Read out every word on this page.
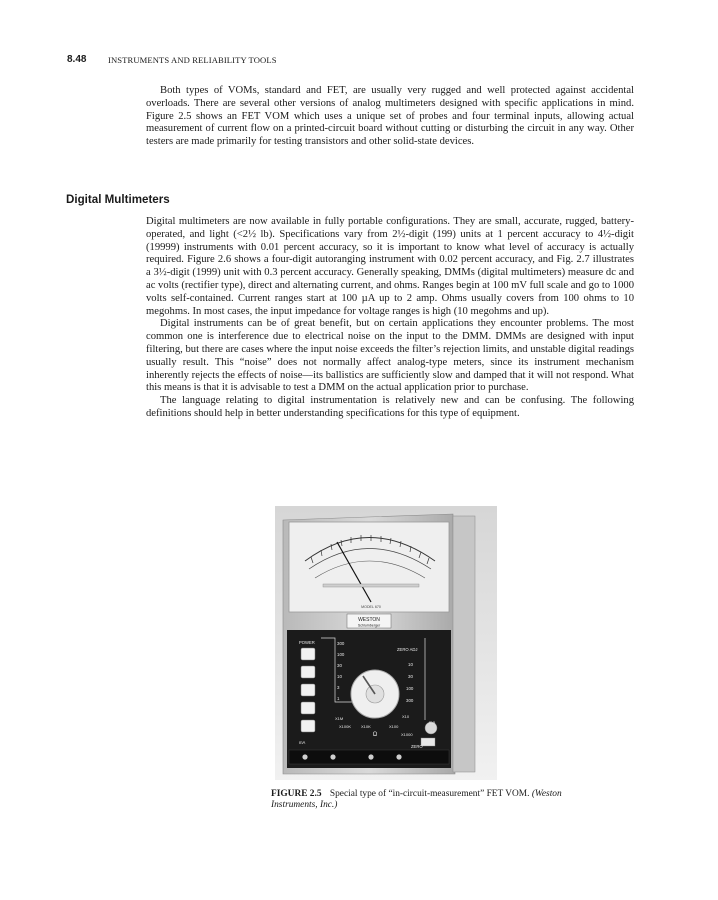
8.48	INSTRUMENTS AND RELIABILITY TOOLS

Both types of VOMs, standard and FET, are usually very rugged and well protected against accidental overloads. There are several other versions of analog multimeters designed with specific applications in mind. Figure 2.5 shows an FET VOM which uses a unique set of probes and four terminal inputs, allowing actual measurement of current flow on a printed-circuit board without cutting or disturbing the circuit in any way. Other testers are made primarily for testing transistors and other solid-state devices.

Digital Multimeters

Digital multimeters are now available in fully portable configurations. They are small, accurate, rugged, battery-operated, and light (<2½ lb). Specifications vary from 2½-digit (199) units at 1 percent accuracy to 4½-digit (19999) instruments with 0.01 percent accuracy, so it is important to know what level of accuracy is actually required. Figure 2.6 shows a four-digit autoranging instrument with 0.02 percent accuracy, and Fig. 2.7 illustrates a 3½-digit (1999) unit with 0.3 percent accuracy. Generally speaking, DMMs (digital multimeters) measure dc and ac volts (rectifier type), direct and alternating current, and ohms. Ranges begin at 100 mV full scale and go to 1000 volts self-contained. Current ranges start at 100 µA up to 2 amp. Ohms usually covers from 100 ohms to 10 megohms. In most cases, the input impedance for voltage ranges is high (10 megohms and up).

Digital instruments can be of great benefit, but on certain applications they encounter problems. The most common one is interference due to electrical noise on the input to the DMM. DMMs are designed with input filtering, but there are cases where the input noise exceeds the filter’s rejection limits, and unstable digital readings usually result. This “noise” does not normally affect analog-type meters, since its instrument mechanism inherently rejects the effects of noise—its ballistics are sufficiently slow and damped that it will not respond. What this means is that it is advisable to test a DMM on the actual application prior to purchase.

The language relating to digital instrumentation is relatively new and can be confusing. The following definitions should help in better understanding specifications for this type of equipment.

WESTON
Schlumberger
MODEL 670
POWER
ZERO ADJ
ZERO
mA
mA
Ω
300
100
30
10
3
1
10
30
100
300
X1M	X10
X100K X10K	X100
X1000
FIGURE 2.5 Special type of “in-circuit-measurement” FET VOM. (Weston Instruments, Inc.)
